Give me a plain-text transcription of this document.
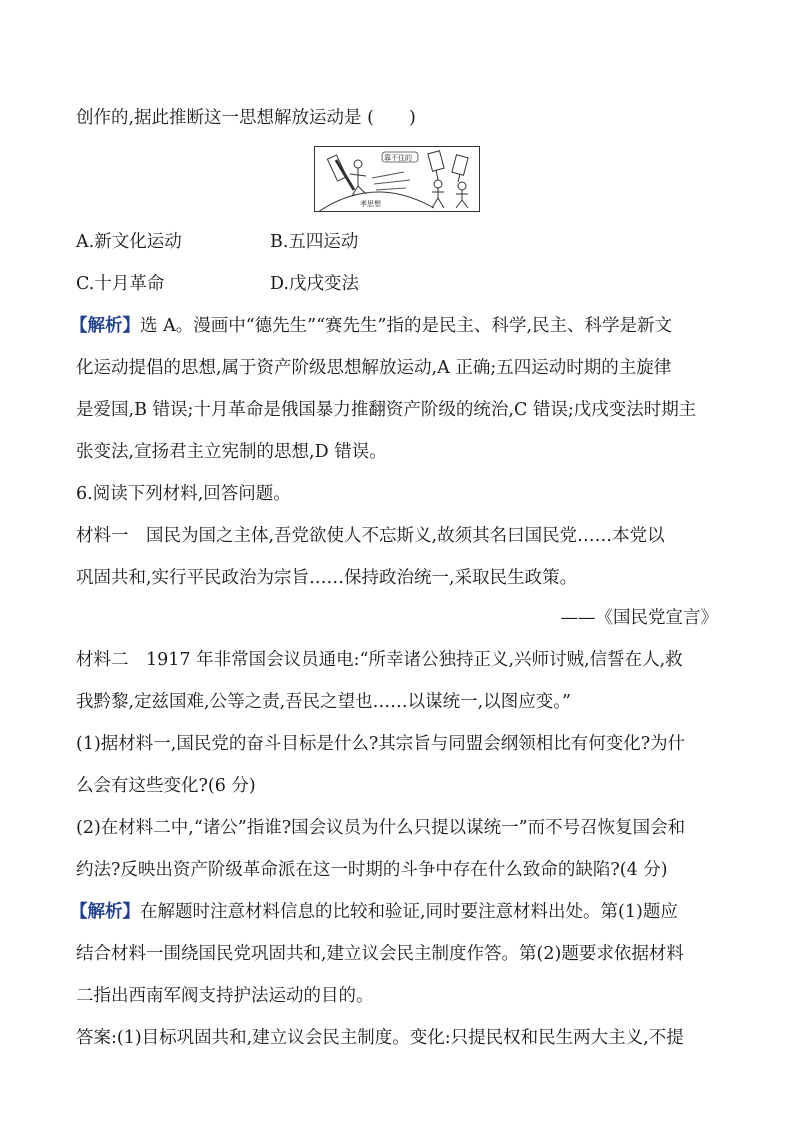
创作的,据此推断这一思想解放运动是 (　　)
靠不住的
孝思想
A.新文化运动	B.五四运动
C.十月革命	D.戊戌变法
【解析】选 A。漫画中“德先生”“赛先生”指的是民主、科学,民主、科学是新文
化运动提倡的思想,属于资产阶级思想解放运动,A 正确;五四运动时期的主旋律
是爱国,B 错误;十月革命是俄国暴力推翻资产阶级的统治,C 错误;戊戌变法时期主
张变法,宣扬君主立宪制的思想,D 错误。
6.阅读下列材料,回答问题。
材料一　国民为国之主体,吾党欲使人不忘斯义,故须其名曰国民党……本党以
巩固共和,实行平民政治为宗旨……保持政治统一,采取民生政策。
——《国民党宣言》
材料二　1917 年非常国会议员通电:“所幸诸公独持正义,兴师讨贼,信誓在人,救
我黔黎,定兹国难,公等之责,吾民之望也……以谋统一,以图应变。”
(1)据材料一,国民党的奋斗目标是什么?其宗旨与同盟会纲领相比有何变化?为什
么会有这些变化?(6 分)
(2)在材料二中,“诸公”指谁?国会议员为什么只提以谋统一”而不号召恢复国会和
约法?反映出资产阶级革命派在这一时期的斗争中存在什么致命的缺陷?(4 分)
【解析】在解题时注意材料信息的比较和验证,同时要注意材料出处。第(1)题应
结合材料一围绕国民党巩固共和,建立议会民主制度作答。第(2)题要求依据材料
二指出西南军阀支持护法运动的目的。
答案:(1)目标巩固共和,建立议会民主制度。变化:只提民权和民生两大主义,不提
